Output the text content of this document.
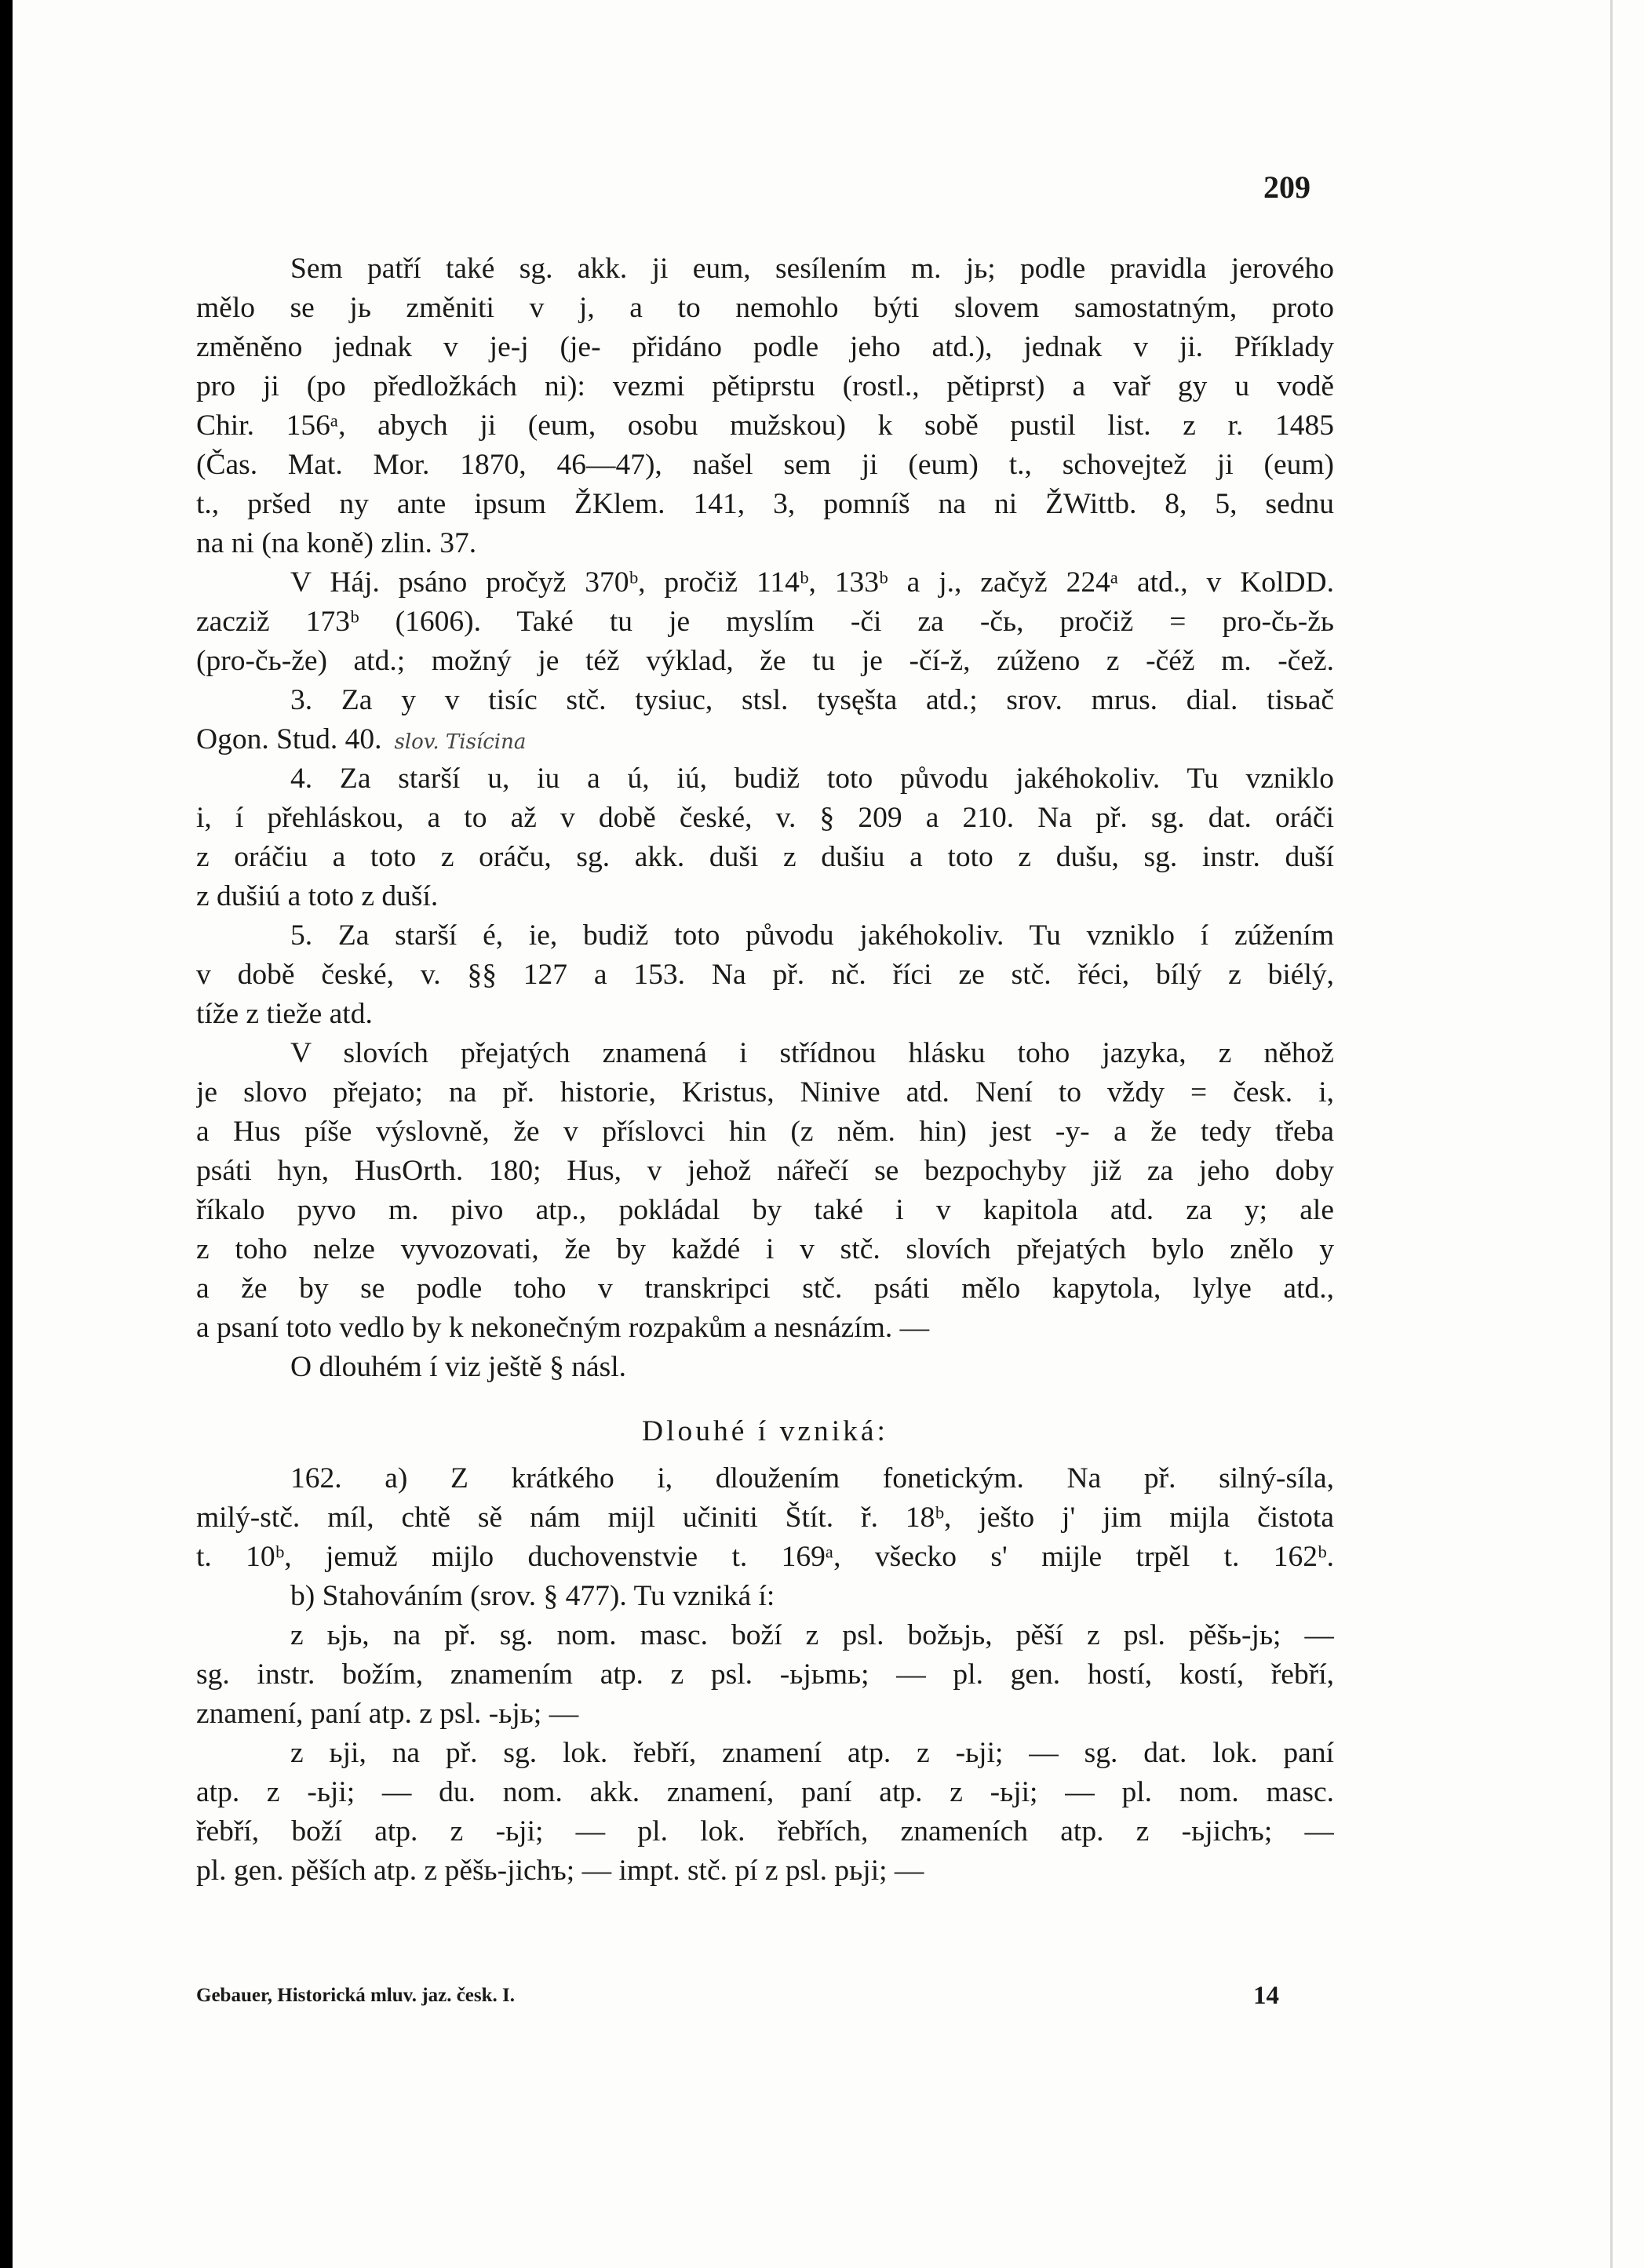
209
Sem patří také sg. akk. ji eum, sesílením m. jь; podle pravidla jerového
mělo se jь změniti v j, a to nemohlo býti slovem samostatným, proto
změněno jednak v je-j (je- přidáno podle jeho atd.), jednak v ji. Příklady
pro ji (po předložkách ni): vezmi pětiprstu (rostl., pětiprst) a vař gy u vodě
Chir. 156ᵃ, abych ji (eum, osobu mužskou) k sobě pustil list. z r. 1485
(Čas. Mat. Mor. 1870, 46—47), našel sem ji (eum) t., schovejtež ji (eum)
t., pršed ny ante ipsum ŽKlem. 141, 3, pomníš na ni ŽWittb. 8, 5, sednu
na ni (na koně) zlin. 37.
V Háj. psáno pročyž 370ᵇ, pročiž 114ᵇ, 133ᵇ a j., začyž 224ᵃ atd., v KolDD.
zacziž 173ᵇ (1606). Také tu je myslím -či za -čь, pročiž = pro-čь-žь
(pro-čь-že) atd.; možný je též výklad, že tu je -čí-ž, zúženo z -čéž m. -čež.
3. Za y v tisíc stč. tysiuc, stsl. tysęšta atd.; srov. mrus. dial. tisьač
Ogon. Stud. 40. slov. Tisícina
4. Za starší u, iu a ú, iú, budiž toto původu jakéhokoliv. Tu vzniklo
i, í přehláskou, a to až v době české, v. § 209 a 210. Na př. sg. dat. oráči
z oráčiu a toto z oráču, sg. akk. duši z dušiu a toto z dušu, sg. instr. duší
z dušiú a toto z duší.
5. Za starší é, ie, budiž toto původu jakéhokoliv. Tu vzniklo í zúžením
v době české, v. §§ 127 a 153. Na př. nč. říci ze stč. řéci, bílý z biélý,
tíže z tieže atd.
V slovích přejatých znamená i střídnou hlásku toho jazyka, z něhož
je slovo přejato; na př. historie, Kristus, Ninive atd. Není to vždy = česk. i,
a Hus píše výslovně, že v příslovci hin (z něm. hin) jest -y- a že tedy třeba
psáti hyn, HusOrth. 180; Hus, v jehož nářečí se bezpochyby již za jeho doby
říkalo pyvo m. pivo atp., pokládal by také i v kapitola atd. za y; ale
z toho nelze vyvozovati, že by každé i v stč. slovích přejatých bylo znělo y
a že by se podle toho v transkripci stč. psáti mělo kapytola, lylye atd.,
a psaní toto vedlo by k nekonečným rozpakům a nesnázím. —
O dlouhém í viz ještě § násl.
Dlouhé í vzniká:
162. a) Z krátkého i, dloužením fonetickým. Na př. silný-síla,
milý-stč. míl, chtě sě nám mijl učiniti Štít. ř. 18ᵇ, ješto j' jim mijla čistota
t. 10ᵇ, jemuž mijlo duchovenstvie t. 169ᵃ, všecko s' mijle trpěl t. 162ᵇ.
b) Stahováním (srov. § 477). Tu vzniká í:
z ьjь, na př. sg. nom. masc. boží z psl. božьjь, pěší z psl. pěšь-jь; —
sg. instr. božím, znamením atp. z psl. -ьjьmь; — pl. gen. hostí, kostí, řebří,
znamení, paní atp. z psl. -ьjь; —
z ьji, na př. sg. lok. řebří, znamení atp. z -ьji; — sg. dat. lok. paní
atp. z -ьji; — du. nom. akk. znamení, paní atp. z -ьji; — pl. nom. masc.
řebří, boží atp. z -ьji; — pl. lok. řebřích, znameních atp. z -ьjichъ; —
pl. gen. pěších atp. z pěšь-jichъ; — impt. stč. pí z psl. pьji; —
Gebauer, Historická mluv. jaz. česk. I.	14
